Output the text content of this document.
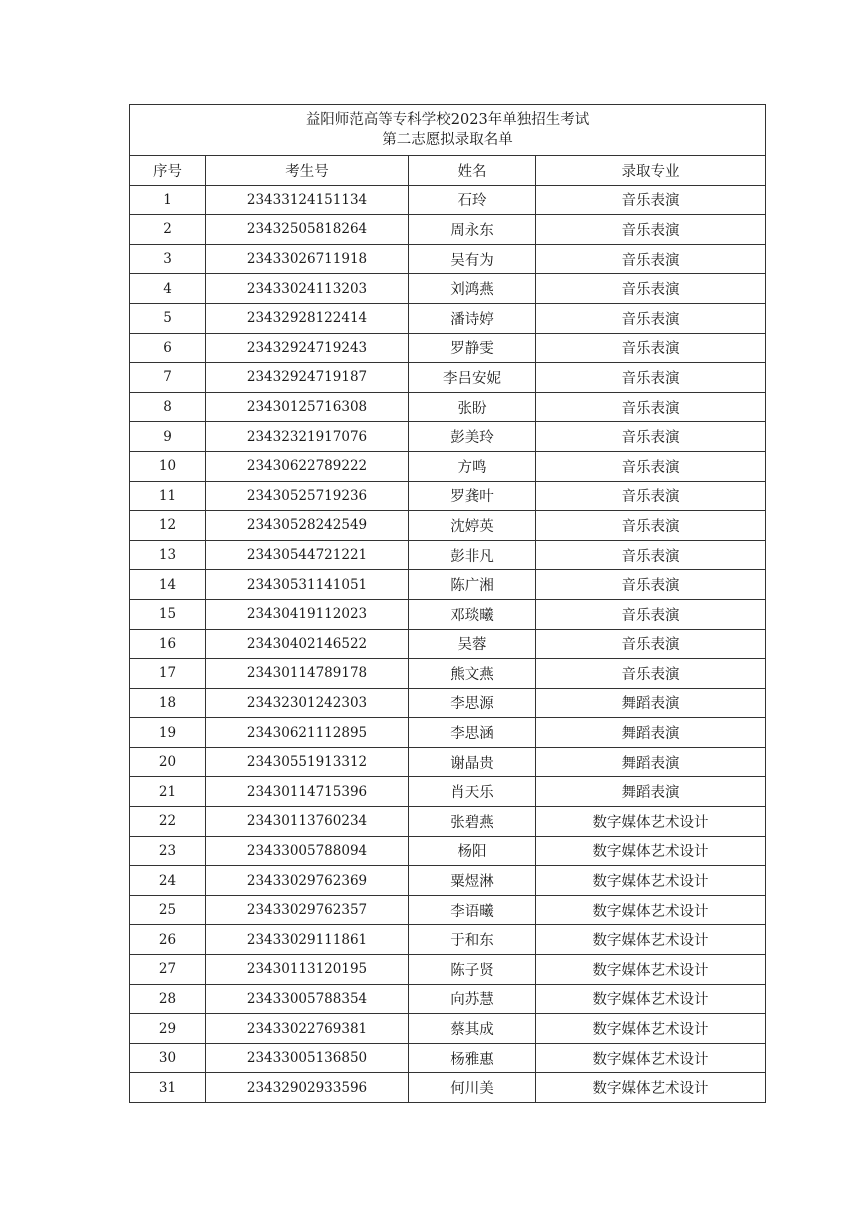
益阳师范高等专科学校2023年单独招生考试
第二志愿拟录取名单			

序号	考生号	姓名	录取专业
1	23433124151134	石玲	音乐表演
2	23432505818264	周永东	音乐表演
3	23433026711918	吴有为	音乐表演
4	23433024113203	刘鸿燕	音乐表演
5	23432928122414	潘诗婷	音乐表演
6	23432924719243	罗静雯	音乐表演
7	23432924719187	李吕安妮	音乐表演
8	23430125716308	张盼	音乐表演
9	23432321917076	彭美玲	音乐表演
10	23430622789222	方鸣	音乐表演
11	23430525719236	罗龚叶	音乐表演
12	23430528242549	沈婷英	音乐表演
13	23430544721221	彭非凡	音乐表演
14	23430531141051	陈广湘	音乐表演
15	23430419112023	邓琰曦	音乐表演
16	23430402146522	吴蓉	音乐表演
17	23430114789178	熊文燕	音乐表演
18	23432301242303	李思源	舞蹈表演
19	23430621112895	李思涵	舞蹈表演
20	23430551913312	谢晶贵	舞蹈表演
21	23430114715396	肖天乐	舞蹈表演
22	23430113760234	张碧燕	数字媒体艺术设计
23	23433005788094	杨阳	数字媒体艺术设计
24	23433029762369	粟煜淋	数字媒体艺术设计
25	23433029762357	李语曦	数字媒体艺术设计
26	23433029111861	于和东	数字媒体艺术设计
27	23430113120195	陈子贤	数字媒体艺术设计
28	23433005788354	向苏慧	数字媒体艺术设计
29	23433022769381	蔡其成	数字媒体艺术设计
30	23433005136850	杨雅惠	数字媒体艺术设计
31	23432902933596	何川美	数字媒体艺术设计
